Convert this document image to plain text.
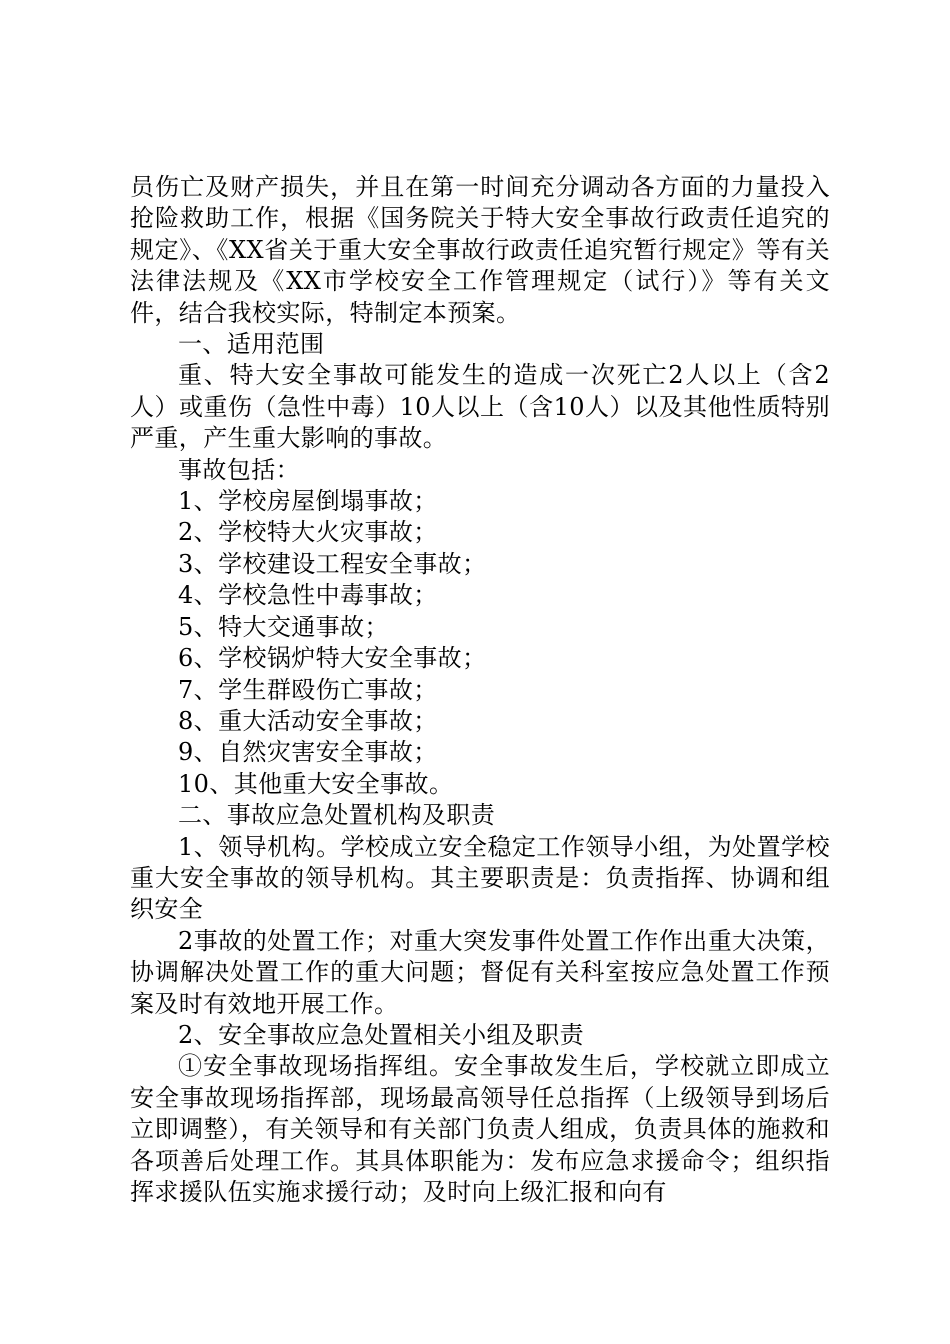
员伤亡及财产损失，并且在第一时间充分调动各方面的力量投入抢险救助工作，根据《国务院关于特大安全事故行政责任追究的规定》、《XX省关于重大安全事故行政责任追究暂行规定》等有关法律法规及《XX市学校安全工作管理规定（试行）》等有关文件，结合我校实际，特制定本预案。

一、适用范围

重、特大安全事故可能发生的造成一次死亡2人以上（含2人）或重伤（急性中毒）10人以上（含10人）以及其他性质特别严重，产生重大影响的事故。

事故包括：

1、学校房屋倒塌事故；

2、学校特大火灾事故；

3、学校建设工程安全事故；

4、学校急性中毒事故；

5、特大交通事故；

6、学校锅炉特大安全事故；

7、学生群殴伤亡事故；

8、重大活动安全事故；

9、自然灾害安全事故；

10、其他重大安全事故。

二、事故应急处置机构及职责

1、领导机构。学校成立安全稳定工作领导小组，为处置学校重大安全事故的领导机构。其主要职责是：负责指挥、协调和组织安全

2事故的处置工作；对重大突发事件处置工作作出重大决策，协调解决处置工作的重大问题；督促有关科室按应急处置工作预案及时有效地开展工作。

2、安全事故应急处置相关小组及职责

①安全事故现场指挥组。安全事故发生后，学校就立即成立安全事故现场指挥部，现场最高领导任总指挥（上级领导到场后立即调整），有关领导和有关部门负责人组成，负责具体的施救和各项善后处理工作。其具体职能为：发布应急求援命令；组织指挥求援队伍实施求援行动；及时向上级汇报和向有
